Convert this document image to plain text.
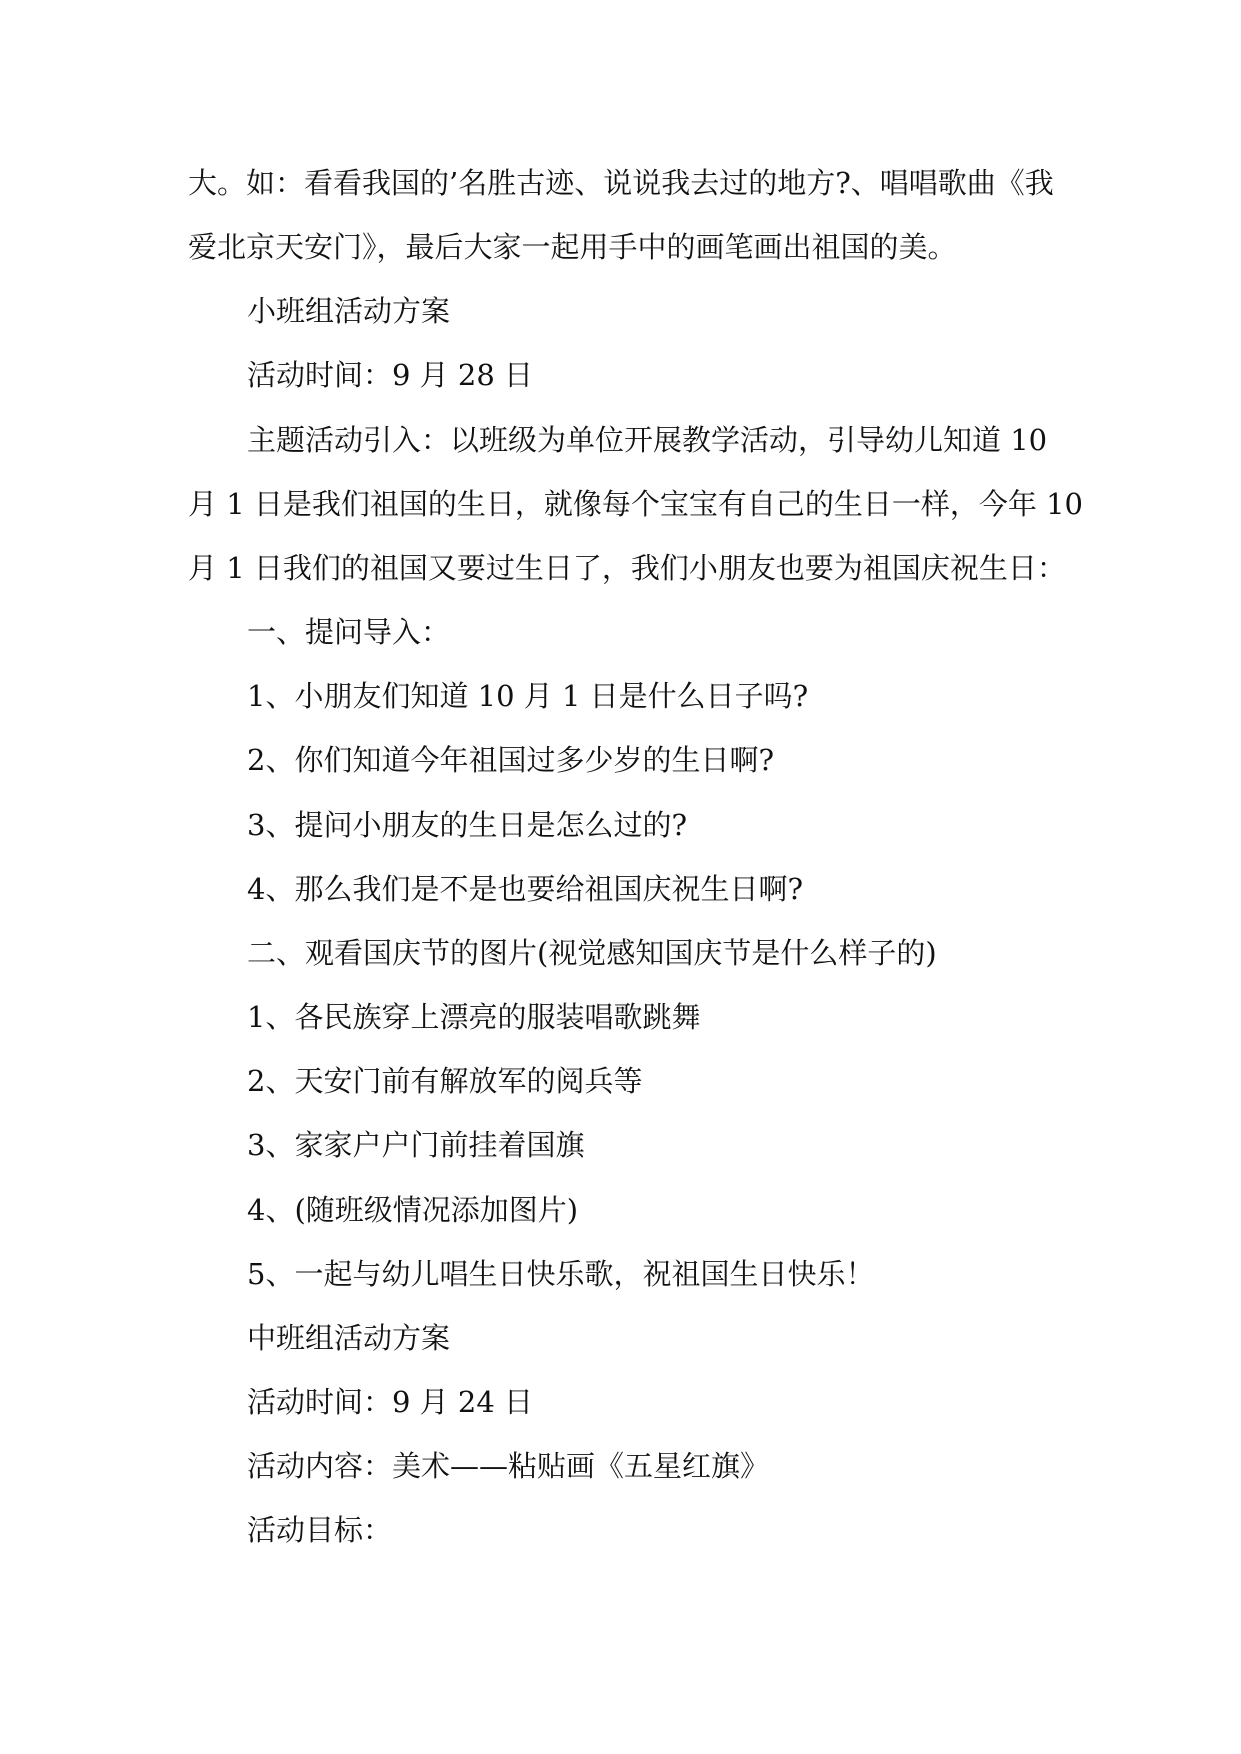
大。如：看看我国的’名胜古迹、说说我去过的地方?、唱唱歌曲《我
爱北京天安门》，最后大家一起用手中的画笔画出祖国的美。
小班组活动方案
活动时间：9 月 28 日
主题活动引入：以班级为单位开展教学活动，引导幼儿知道 10
月 1 日是我们祖国的生日，就像每个宝宝有自己的生日一样，今年 10
月 1 日我们的祖国又要过生日了，我们小朋友也要为祖国庆祝生日：
一、提问导入：
1、小朋友们知道 10 月 1 日是什么日子吗?
2、你们知道今年祖国过多少岁的生日啊?
3、提问小朋友的生日是怎么过的?
4、那么我们是不是也要给祖国庆祝生日啊?
二、观看国庆节的图片(视觉感知国庆节是什么样子的)
1、各民族穿上漂亮的服装唱歌跳舞
2、天安门前有解放军的阅兵等
3、家家户户门前挂着国旗
4、(随班级情况添加图片)
5、一起与幼儿唱生日快乐歌，祝祖国生日快乐！
中班组活动方案
活动时间：9 月 24 日
活动内容：美术——粘贴画《五星红旗》
活动目标：
